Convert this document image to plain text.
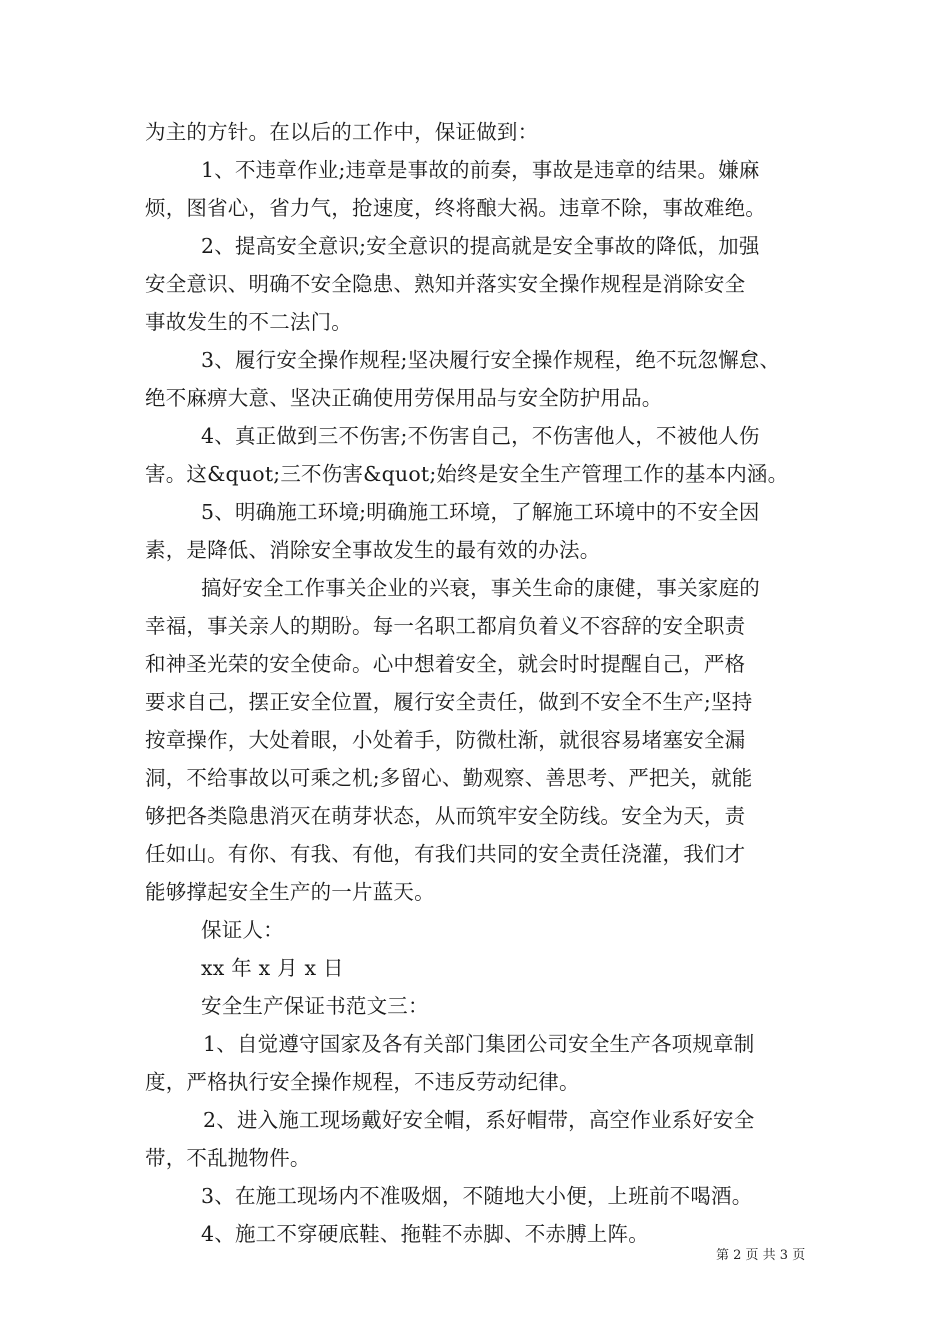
为主的方针。在以后的工作中，保证做到：
1、不违章作业;违章是事故的前奏，事故是违章的结果。嫌麻
烦，图省心，省力气，抢速度，终将酿大祸。违章不除，事故难绝。
2、提高安全意识;安全意识的提高就是安全事故的降低，加强
安全意识、明确不安全隐患、熟知并落实安全操作规程是消除安全
事故发生的不二法门。
3、履行安全操作规程;坚决履行安全操作规程，绝不玩忽懈怠、
绝不麻痹大意、坚决正确使用劳保用品与安全防护用品。
4、真正做到三不伤害;不伤害自己，不伤害他人，不被他人伤
害。这&quot;三不伤害&quot;始终是安全生产管理工作的基本内涵。
5、明确施工环境;明确施工环境，了解施工环境中的不安全因
素，是降低、消除安全事故发生的最有效的办法。
搞好安全工作事关企业的兴衰，事关生命的康健，事关家庭的
幸福，事关亲人的期盼。每一名职工都肩负着义不容辞的安全职责
和神圣光荣的安全使命。心中想着安全，就会时时提醒自己，严格
要求自己，摆正安全位置，履行安全责任，做到不安全不生产;坚持
按章操作，大处着眼，小处着手，防微杜渐，就很容易堵塞安全漏
洞，不给事故以可乘之机;多留心、勤观察、善思考、严把关，就能
够把各类隐患消灭在萌芽状态，从而筑牢安全防线。安全为天，责
任如山。有你、有我、有他，有我们共同的安全责任浇灌，我们才
能够撑起安全生产的一片蓝天。
保证人：
xx 年 x 月 x 日
安全生产保证书范文三：
1、自觉遵守国家及各有关部门集团公司安全生产各项规章制
度，严格执行安全操作规程，不违反劳动纪律。
2、进入施工现场戴好安全帽，系好帽带，高空作业系好安全
带，不乱抛物件。
3、在施工现场内不准吸烟，不随地大小便，上班前不喝酒。
4、施工不穿硬底鞋、拖鞋不赤脚、不赤膊上阵。
第 2 页 共 3 页
